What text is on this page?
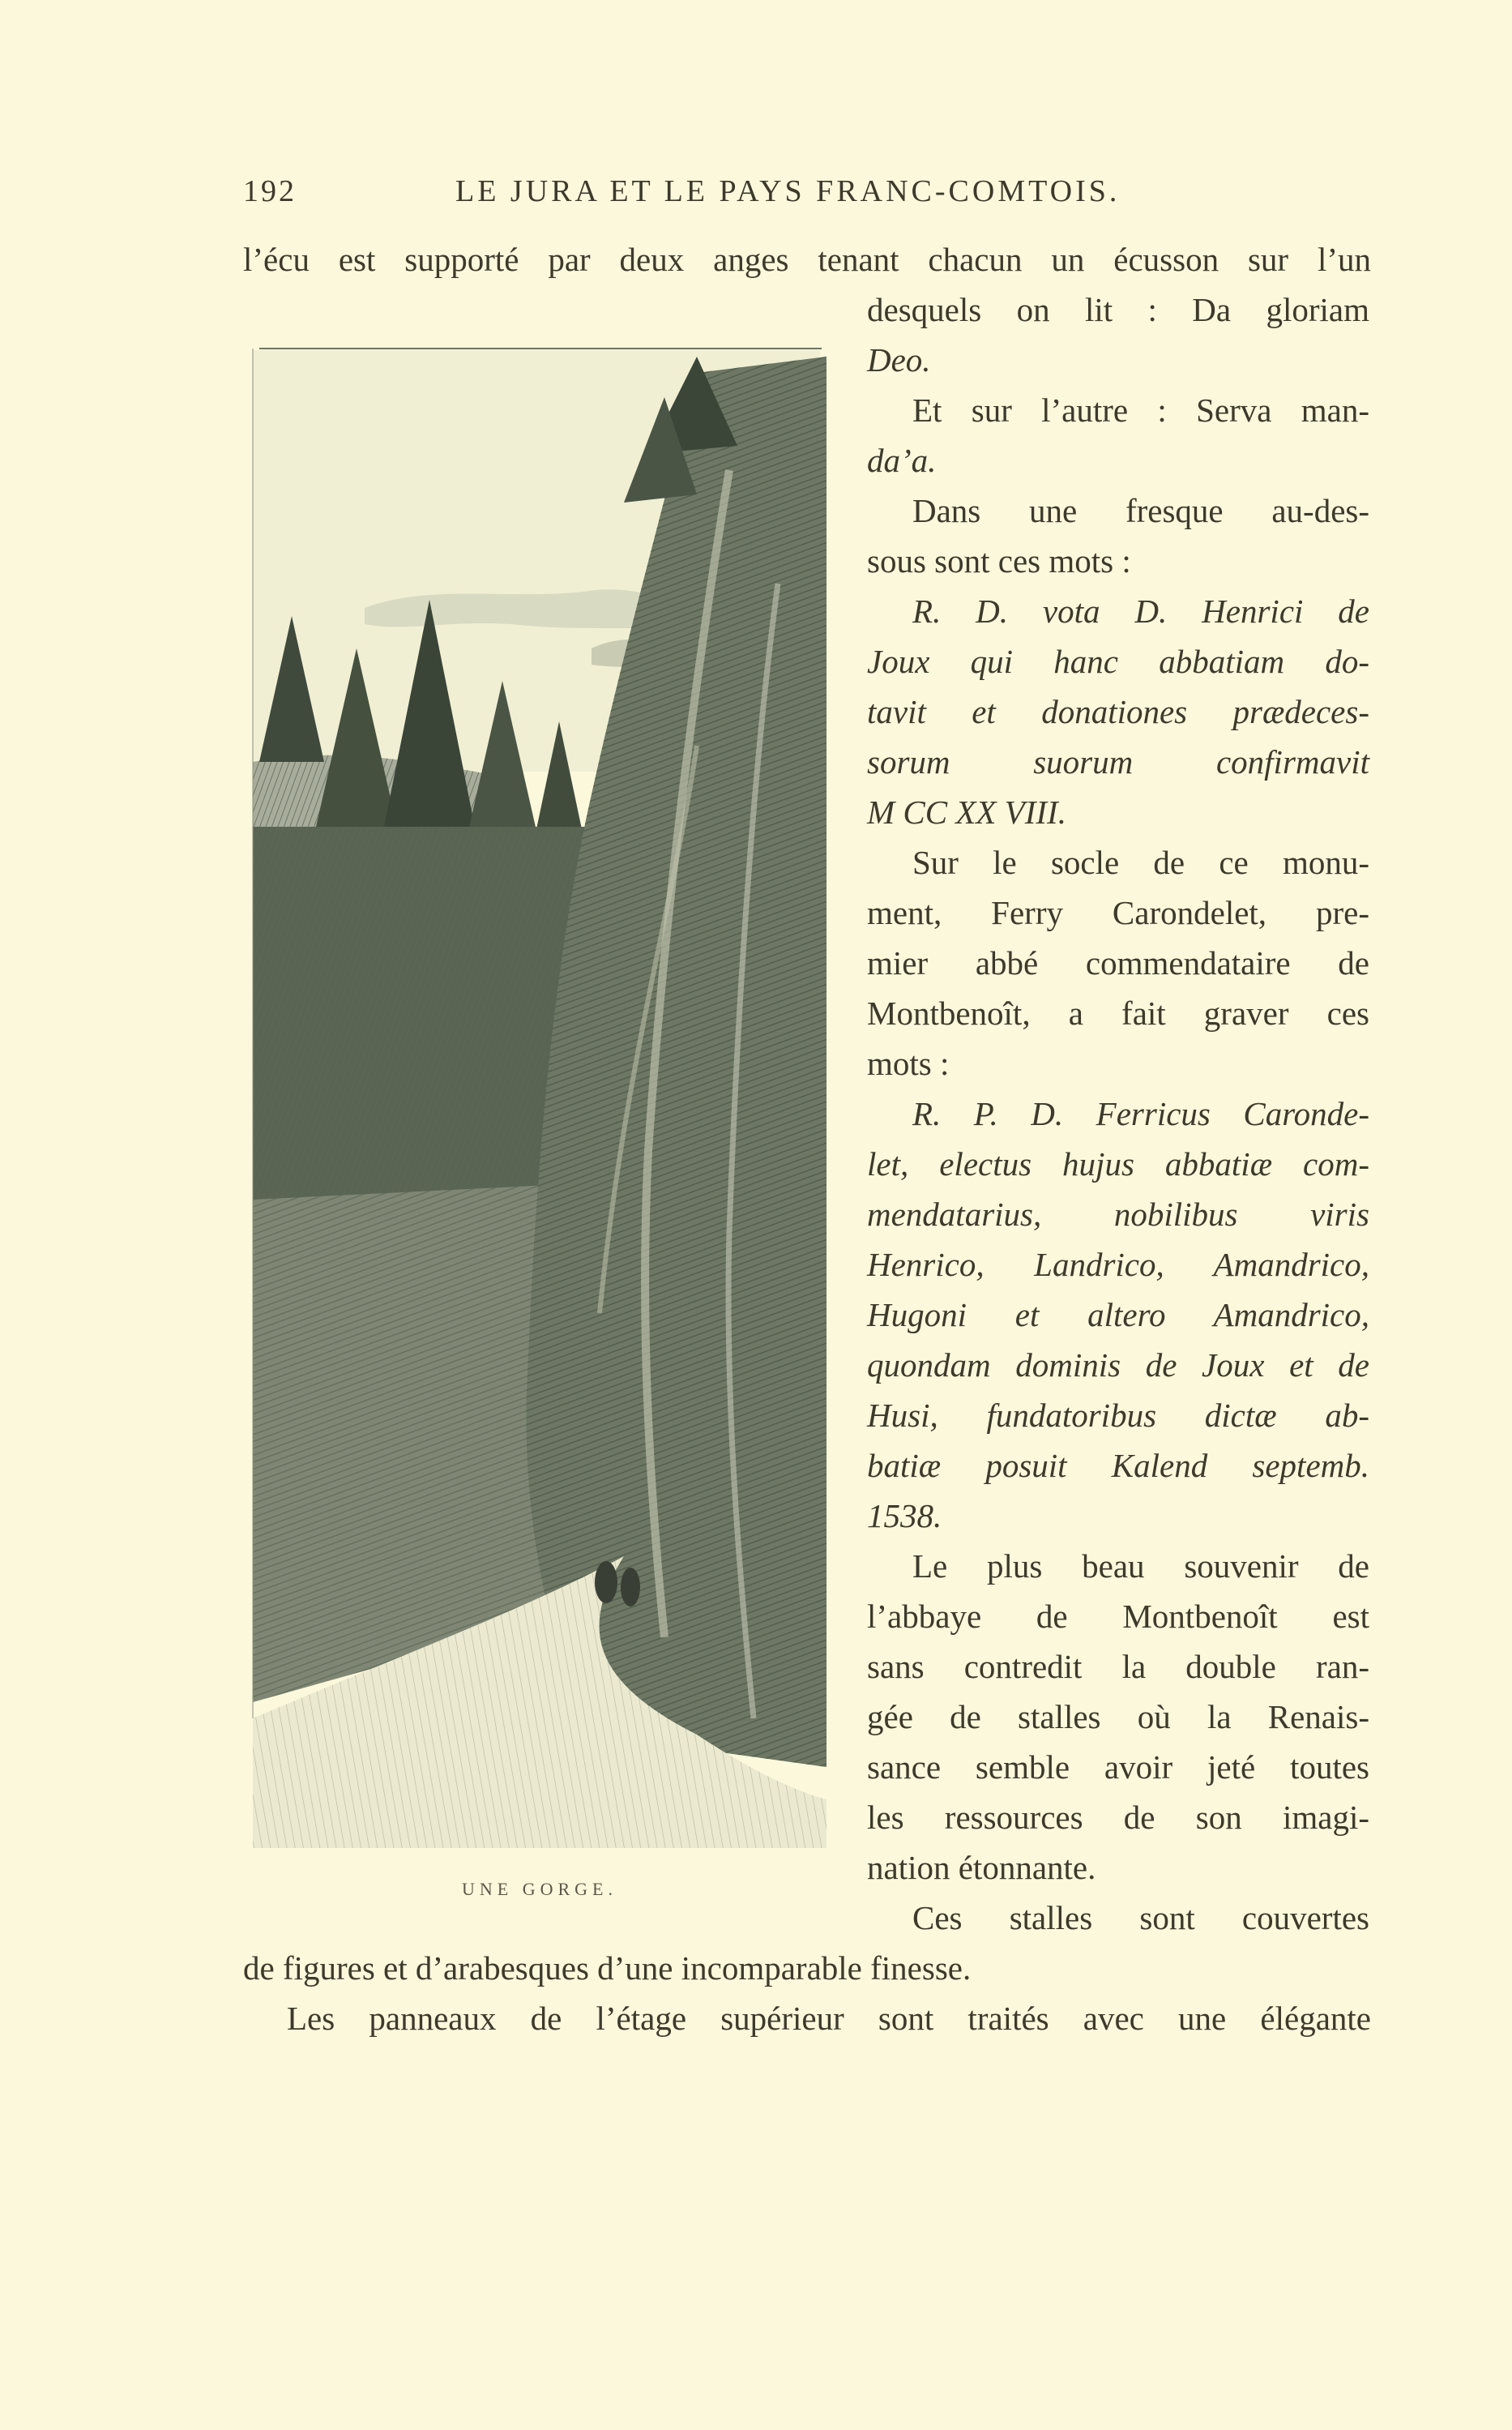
192	LE JURA ET LE PAYS FRANC-COMTOIS.
l’écu est supporté par deux anges tenant chacun un écusson sur l’un
desquels on lit : Da gloriam
Deo.
Et sur l’autre : Serva man-
da’a.
Dans une fresque au-des-
sous sont ces mots :
R. D. vota D. Henrici de
Joux qui hanc abbatiam do-
tavit et donationes prædeces-
sorum suorum confirmavit
M CC XX VIII.
Sur le socle de ce monu-
ment, Ferry Carondelet, pre-
mier abbé commendataire de
Montbenoît, a fait graver ces
mots :
R. P. D. Ferricus Caronde-
let, electus hujus abbatiæ com-
mendatarius, nobilibus viris
Henrico, Landrico, Amandrico,
Hugoni et altero Amandrico,
quondam dominis de Joux et de
Husi, fundatoribus dictæ ab-
batiæ posuit Kalend septemb.
1538.
Le plus beau souvenir de
l’abbaye de Montbenoît est
sans contredit la double ran-
gée de stalles où la Renais-
sance semble avoir jeté toutes
les ressources de son imagi-
nation étonnante.
Ces stalles sont couvertes
de figures et d’arabesques d’une incomparable finesse.
Les panneaux de l’étage supérieur sont traités avec une élégante
UNE GORGE.
